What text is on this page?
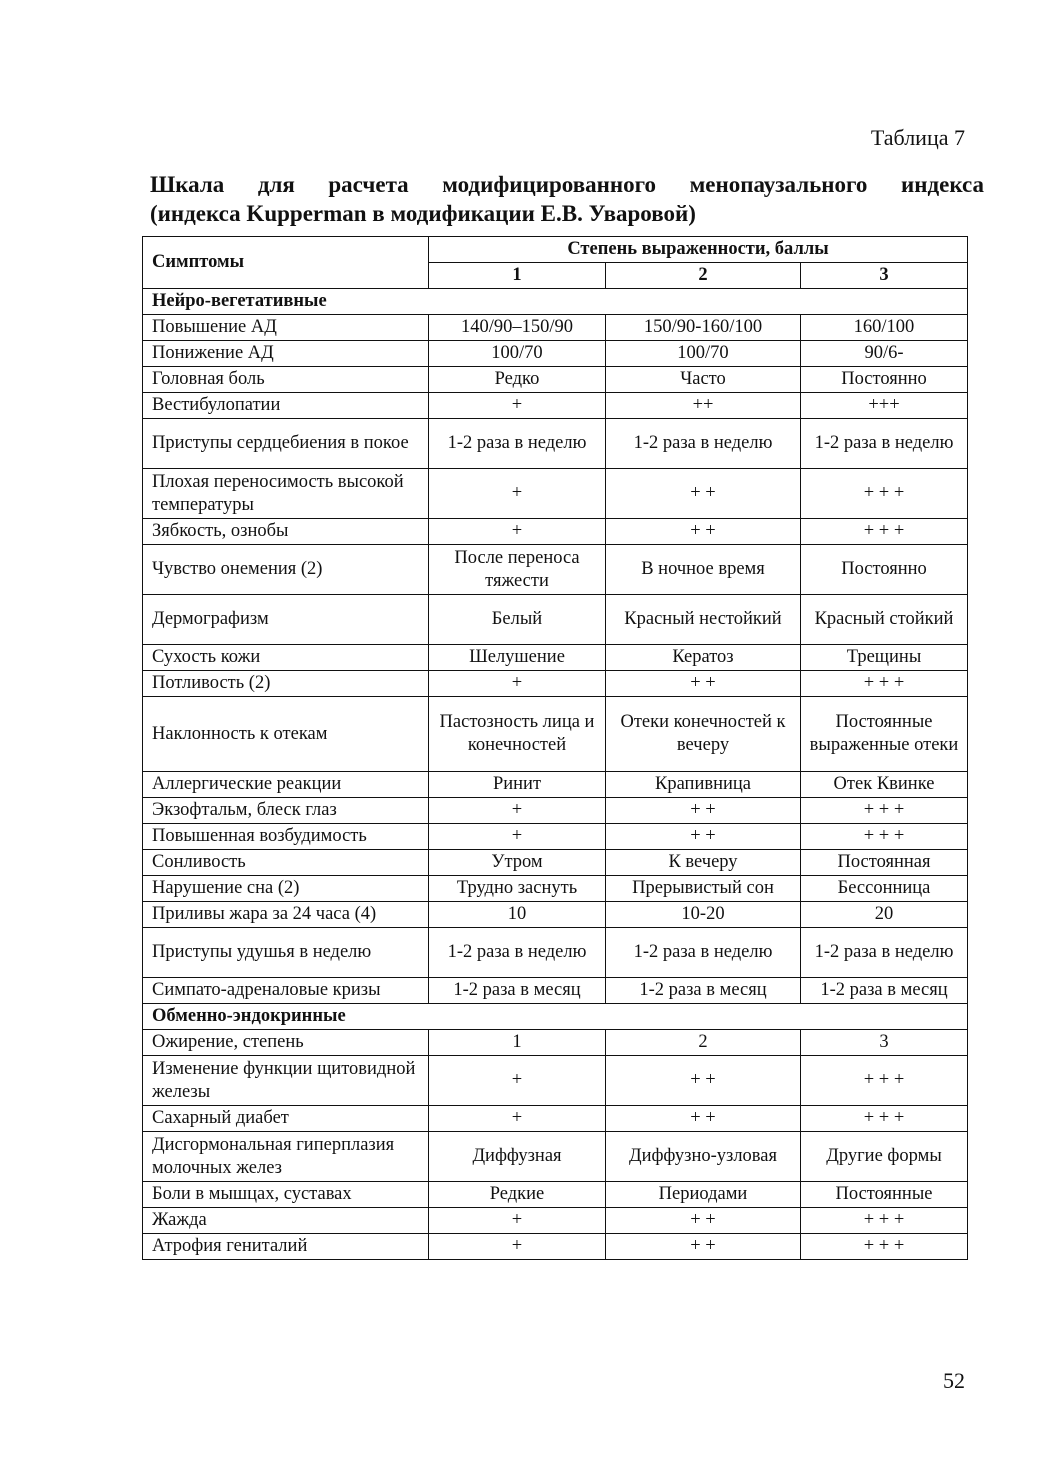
Таблица 7
Шкала для расчета модифицированного менопаузального индекса
(индекса Kupperman в модификации Е.В. Уваровой)
Симптомы	Степень выраженности, баллы		
	1	2	3
Нейро-вегетативные			
Повышение АД	140/90–150/90	150/90-160/100	160/100
Понижение АД	100/70	100/70	90/6-
Головная боль	Редко	Часто	Постоянно
Вестибулопатии	+	++	+++
Приступы сердцебиения в покое	1-2 раза в неделю	1-2 раза в неделю	1-2 раза в неделю
Плохая переносимость высокой температуры	+	+ +	+ + +
Зябкость, ознобы	+	+ +	+ + +
Чувство онемения (2)	После переноса тяжести	В ночное время	Постоянно
Дермографизм	Белый	Красный нестойкий	Красный стойкий
Сухость кожи	Шелушение	Кератоз	Трещины
Потливость (2)	+	+ +	+ + +
Наклонность к отекам	Пастозность лица и конечностей	Отеки конечностей к вечеру	Постоянные выраженные отеки
Аллергические реакции	Ринит	Крапивница	Отек Квинке
Экзофтальм, блеск глаз	+	+ +	+ + +
Повышенная возбудимость	+	+ +	+ + +
Сонливость	Утром	К вечеру	Постоянная
Нарушение сна (2)	Трудно заснуть	Прерывистый сон	Бессонница
Приливы жара за 24 часа (4)	10	10-20	20
Приступы удушья в неделю	1-2 раза в неделю	1-2 раза в неделю	1-2 раза в неделю
Симпато-адреналовые кризы	1-2 раза в месяц	1-2 раза в месяц	1-2 раза в месяц
Обменно-эндокринные			
Ожирение, степень	1	2	3
Изменение функции щитовидной железы	+	+ +	+ + +
Сахарный диабет	+	+ +	+ + +
Дисгормональная гиперплазия молочных желез	Диффузная	Диффузно-узловая	Другие формы
Боли в мышцах, суставах	Редкие	Периодами	Постоянные
Жажда	+	+ +	+ + +
Атрофия гениталий	+	+ +	+ + +
52
